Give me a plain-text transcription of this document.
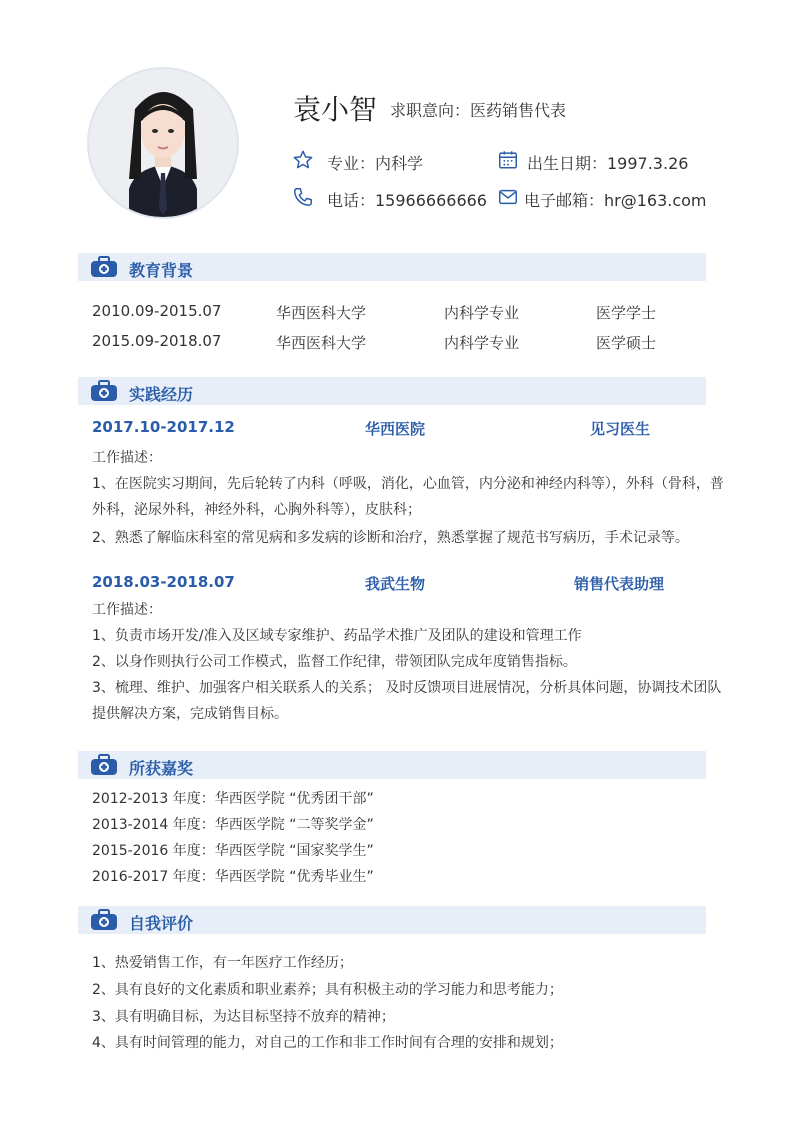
袁小智 求职意向：医药销售代表
专业：内科学	出生日期：1997.3.26
电话：15966666666 电子邮箱：hr@163.com
教育背景
2010.09-2015.07	华西医科大学	内科学专业	医学学士
2015.09-2018.07	华西医科大学	内科学专业	医学硕士
实践经历
2017.10-2017.12	华西医院	见习医生
工作描述：
1、在医院实习期间，先后轮转了内科（呼吸，消化，心血管，内分泌和神经内科等），外科（骨科，普外科，泌尿外科，神经外科，心胸外科等），皮肤科；
2、熟悉了解临床科室的常见病和多发病的诊断和治疗，熟悉掌握了规范书写病历，手术记录等。
2018.03-2018.07	我武生物	销售代表助理
工作描述：
1、负责市场开发/准入及区域专家维护、药品学术推广及团队的建设和管理工作
2、以身作则执行公司工作模式，监督工作纪律，带领团队完成年度销售指标。
3、梳理、维护、加强客户相关联系人的关系； 及时反馈项目进展情况，分析具体问题，协调技术团队提供解决方案，完成销售目标。
所获嘉奖
2012-2013 年度：华西医学院 “优秀团干部”
2013-2014 年度：华西医学院 “二等奖学金”
2015-2016 年度：华西医学院 “国家奖学生”
2016-2017 年度：华西医学院 “优秀毕业生”
自我评价
1、热爱销售工作，有一年医疗工作经历；
2、具有良好的文化素质和职业素养；具有积极主动的学习能力和思考能力；
3、具有明确目标，为达目标坚持不放弃的精神；
4、具有时间管理的能力，对自己的工作和非工作时间有合理的安排和规划；
